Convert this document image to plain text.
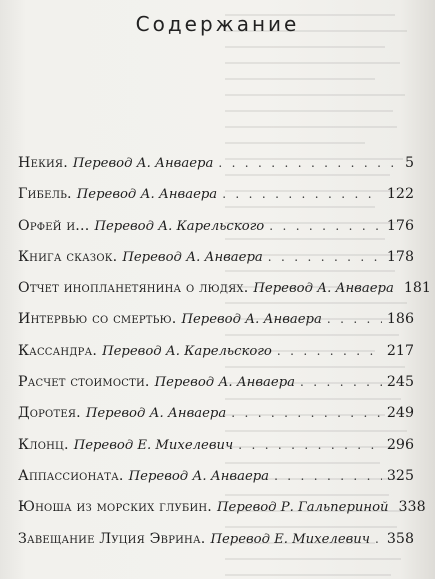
Содержание
Некия. Перевод А. Анваера . . .	5
Гибель. Перевод А. Анваера . . .	122
Орфей и... Перевод А. Карельского . . .	176
Книга сказок. Перевод А. Анваера . . .	178
Отчет инопланетянина о людях. Перевод А. Анваера 181
Интервью со смертью. Перевод А. Анваера . . .	186
Кассандра. Перевод А. Карельского . . .	217
Расчет стоимости. Перевод А. Анваера . . .	245
Доротея. Перевод А. Анваера . . .	249
Клонц. Перевод Е. Михелевич . . .	296
Аппассионата. Перевод А. Анваера . . .	325
Юноша из морских глубин. Перевод Р. Гальпериной 338
Завещание Луция Эврина. Перевод Е. Михелевич . . . 358
